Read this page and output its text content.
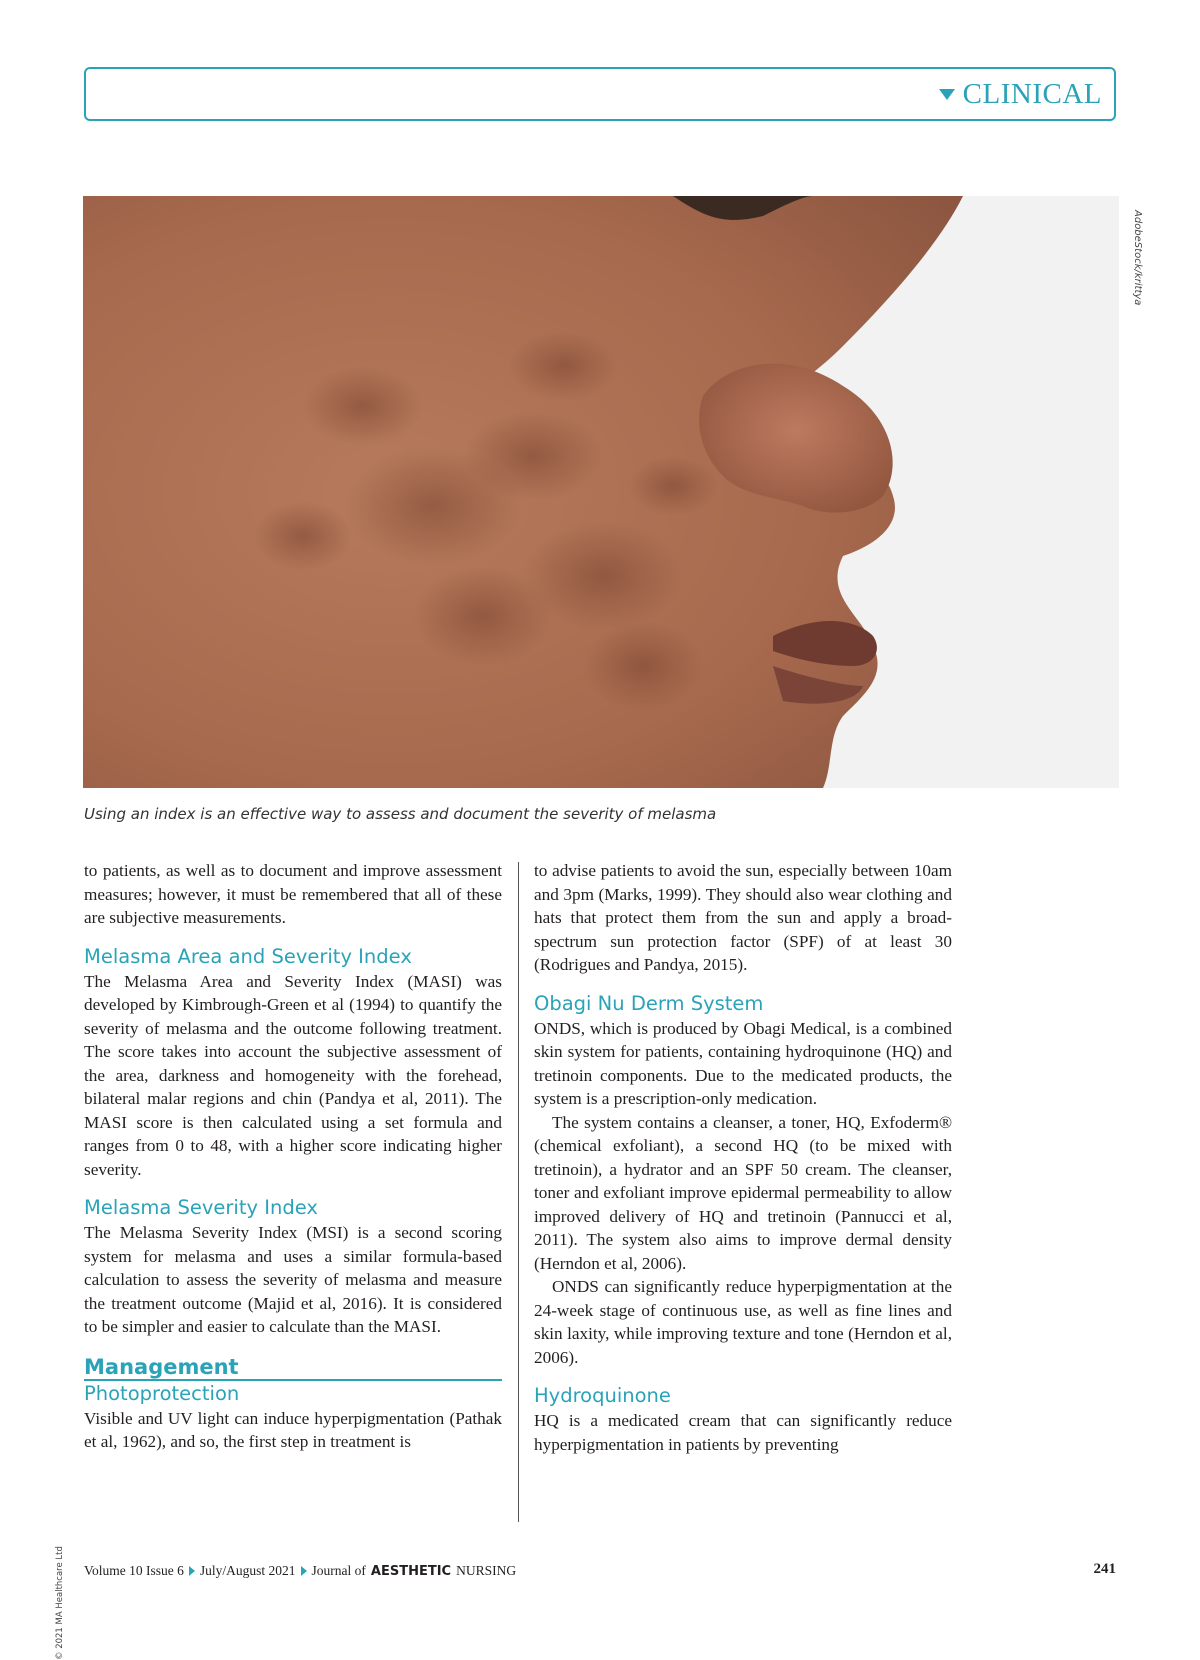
CLINICAL
AdobeStock/krittya
Using an index is an effective way to assess and document the severity of melasma

to patients, as well as to document and improve assessment measures; however, it must be remembered that all of these are subjective measurements.

Melasma Area and Severity Index

The Melasma Area and Severity Index (MASI) was developed by Kimbrough-Green et al (1994) to quantify the severity of melasma and the outcome following treatment. The score takes into account the subjective assessment of the area, darkness and homogeneity with the forehead, bilateral malar regions and chin (Pandya et al, 2011). The MASI score is then calculated using a set formula and ranges from 0 to 48, with a higher score indicating higher severity.

Melasma Severity Index

The Melasma Severity Index (MSI) is a second scoring system for melasma and uses a similar formula-based calculation to assess the severity of melasma and measure the treatment outcome (Majid et al, 2016). It is considered to be simpler and easier to calculate than the MASI.

Management
Photoprotection

Visible and UV light can induce hyperpigmentation (Pathak et al, 1962), and so, the first step in treatment is

to advise patients to avoid the sun, especially between 10am and 3pm (Marks, 1999). They should also wear clothing and hats that protect them from the sun and apply a broad-spectrum sun protection factor (SPF) of at least 30 (Rodrigues and Pandya, 2015).

Obagi Nu Derm System

ONDS, which is produced by Obagi Medical, is a combined skin system for patients, containing hydroquinone (HQ) and tretinoin components. Due to the medicated products, the system is a prescription-only medication.

The system contains a cleanser, a toner, HQ, Exfoderm® (chemical exfoliant), a second HQ (to be mixed with tretinoin), a hydrator and an SPF 50 cream. The cleanser, toner and exfoliant improve epidermal permeability to allow improved delivery of HQ and tretinoin (Pannucci et al, 2011). The system also aims to improve dermal density (Herndon et al, 2006).

ONDS can significantly reduce hyperpigmentation at the 24-week stage of continuous use, as well as fine lines and skin laxity, while improving texture and tone (Herndon et al, 2006).

Hydroquinone

HQ is a medicated cream that can significantly reduce hyperpigmentation in patients by preventing

© 2021 MA Healthcare Ltd Volume 10 Issue 6 July/August 2021 Journal of AESTHETIC NURSING	241
